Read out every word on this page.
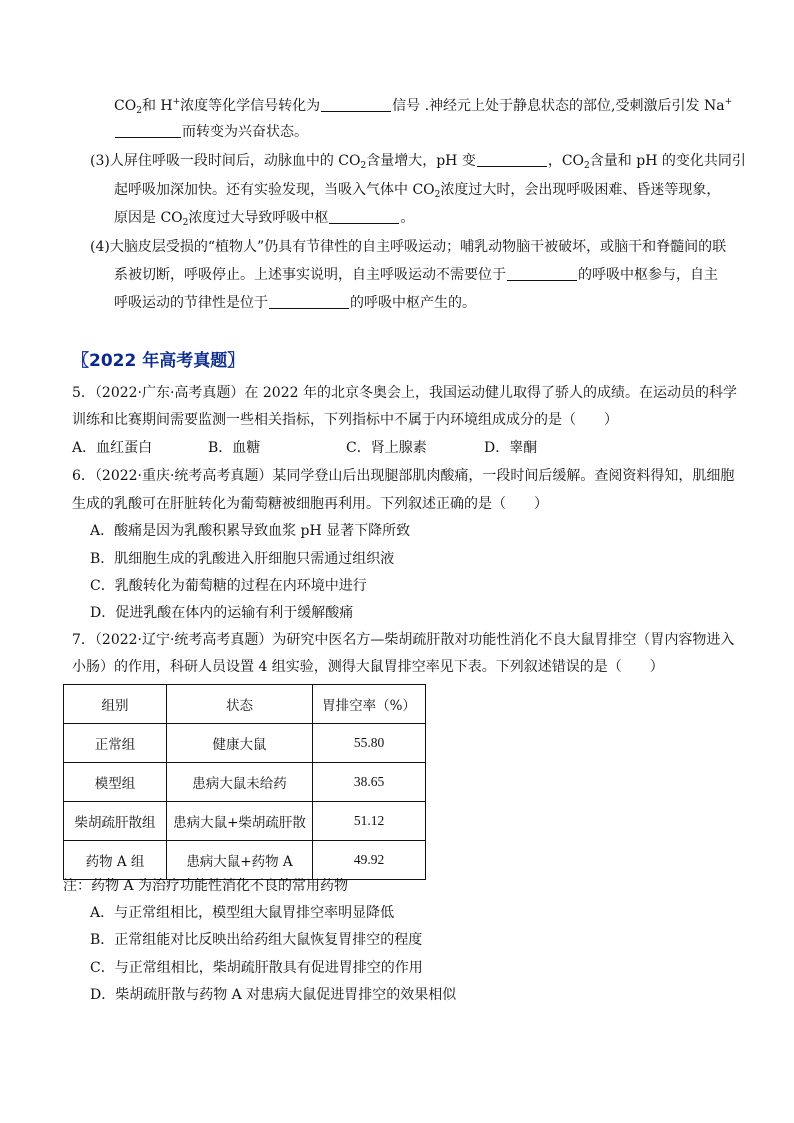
$CO_2$和 H+浓度等化学信号转化为	信号 .神经元上处于静息状态的部位,受刺激后引发 Na+
而转变为兴奋状态。
(3)人屏住呼吸一段时间后，动脉血中的 $CO_2$含量增大，pH 变	，$CO_2$含量和 pH 的变化共同引
起呼吸加深加快。还有实验发现，当吸入气体中 $CO_2$浓度过大时，会出现呼吸困难、昏迷等现象，
原因是 $CO_2$浓度过大导致呼吸中枢	。
(4)大脑皮层受损的“植物人”仍具有节律性的自主呼吸运动；哺乳动物脑干被破坏，或脑干和脊髓间的联
系被切断，呼吸停止。上述事实说明，自主呼吸运动不需要位于	的呼吸中枢参与，自主
呼吸运动的节律性是位于	的呼吸中枢产生的。
〖2022 年高考真题〗
5．（2022·广东·高考真题）在 2022 年的北京冬奥会上，我国运动健儿取得了骄人的成绩。在运动员的科学
训练和比赛期间需要监测一些相关指标，下列指标中不属于内环境组成成分的是（　　）
A．血红蛋白	B．血糖	C．肾上腺素	D．睾酮
6．（2022·重庆·统考高考真题）某同学登山后出现腿部肌肉酸痛，一段时间后缓解。查阅资料得知，肌细胞
生成的乳酸可在肝脏转化为葡萄糖被细胞再利用。下列叙述正确的是（　　）
A．酸痛是因为乳酸积累导致血浆 pH 显著下降所致
B．肌细胞生成的乳酸进入肝细胞只需通过组织液
C．乳酸转化为葡萄糖的过程在内环境中进行
D．促进乳酸在体内的运输有利于缓解酸痛
7．（2022·辽宁·统考高考真题）为研究中医名方—柴胡疏肝散对功能性消化不良大鼠胃排空（胃内容物进入
小肠）的作用，科研人员设置 4 组实验，测得大鼠胃排空率见下表。下列叙述错误的是（　　）
组别	状态	胃排空率（%）
正常组	健康大鼠	55.80
模型组	患病大鼠未给药	38.65
柴胡疏肝散组	患病大鼠+柴胡疏肝散	51.12
药物 A 组	患病大鼠+药物 A	49.92
注：药物 A 为治疗功能性消化不良的常用药物
A．与正常组相比，模型组大鼠胃排空率明显降低
B．正常组能对比反映出给药组大鼠恢复胃排空的程度
C．与正常组相比，柴胡疏肝散具有促进胃排空的作用
D．柴胡疏肝散与药物 A 对患病大鼠促进胃排空的效果相似
